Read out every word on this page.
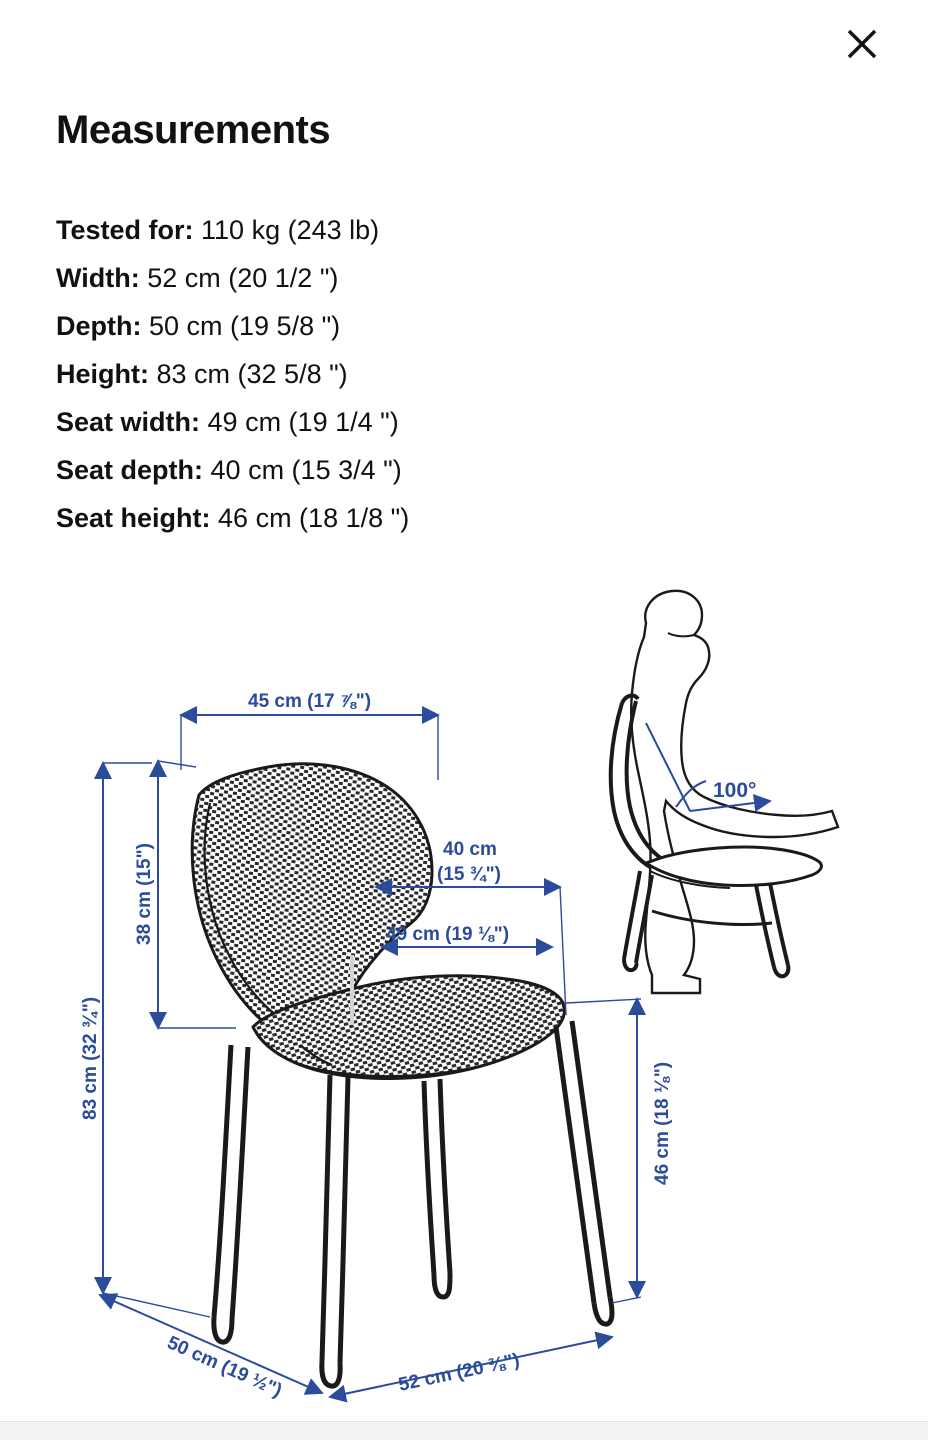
Measurements
Tested for: 110 kg (243 lb)
Width: 52 cm (20 1/2 ")
Depth: 50 cm (19 5/8 ")
Height: 83 cm (32 5/8 ")
Seat width: 49 cm (19 1/4 ")
Seat depth: 40 cm (15 3/4 ")
Seat height: 46 cm (18 1/8 ")
45 cm (17 ⅞")
38 cm (15")
83 cm (32 ¾")
40 cm
(15 ¾")
49 cm (19 ⅛")
46 cm (18 ⅛")
50 cm (19 ½")	52 cm (20 ⅜")
100°
